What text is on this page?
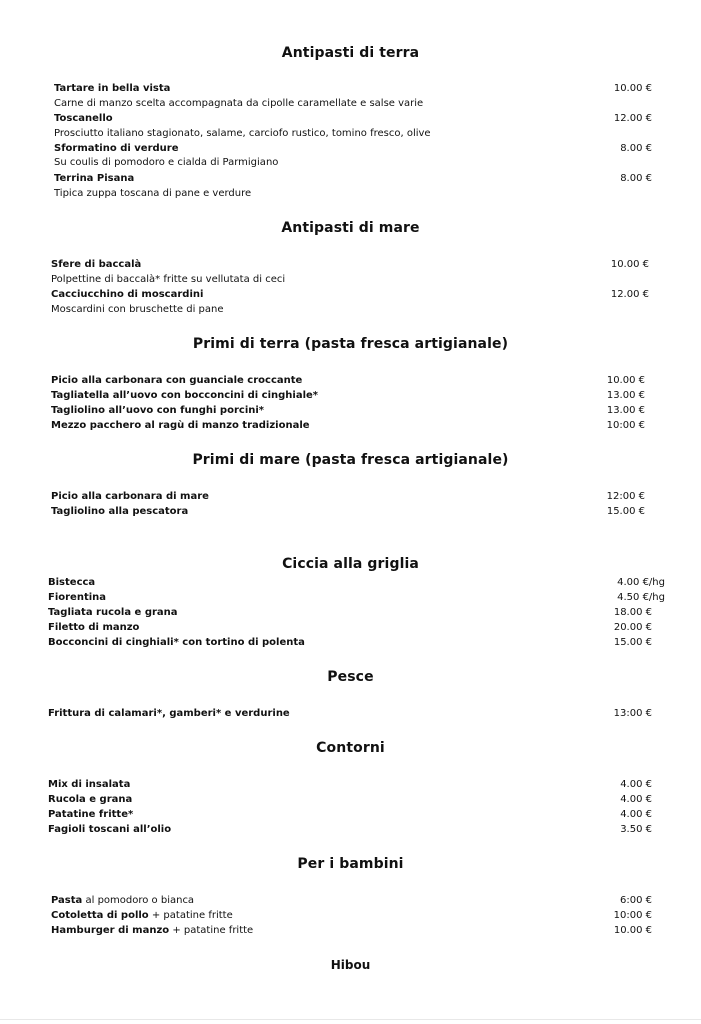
Antipasti di terra
Tartare in bella vista	10.00 €
Carne di manzo scelta accompagnata da cipolle caramellate e salse varie
Toscanello	12.00 €
Prosciutto italiano stagionato, salame, carciofo rustico, tomino fresco, olive
Sformatino di verdure	8.00 €
Su coulis di pomodoro e cialda di Parmigiano
Terrina Pisana	8.00 €
Tipica zuppa toscana di pane e verdure
Antipasti di mare
Sfere di baccalà	10.00 €
Polpettine di baccalà* fritte su vellutata di ceci
Cacciucchino di moscardini	12.00 €
Moscardini con bruschette di pane
Primi di terra (pasta fresca artigianale)
Picio alla carbonara con guanciale croccante	10.00 €
Tagliatella all’uovo con bocconcini di cinghiale*	13.00 €
Tagliolino all’uovo con funghi porcini*	13.00 €
Mezzo pacchero al ragù di manzo tradizionale	10:00 €
Primi di mare (pasta fresca artigianale)
Picio alla carbonara di mare	12:00 €
Tagliolino alla pescatora	15.00 €
Ciccia alla griglia
Bistecca	4.00 €/hg
Fiorentina	4.50 €/hg
Tagliata rucola e grana	18.00 €
Filetto di manzo	20.00 €
Bocconcini di cinghiali* con tortino di polenta	15.00 €
Pesce
Frittura di calamari*, gamberi* e verdurine	13:00 €
Contorni
Mix di insalata	4.00 €
Rucola e grana	4.00 €
Patatine fritte*	4.00 €
Fagioli toscani all’olio	3.50 €
Per i bambini
Pasta al pomodoro o bianca	6:00 €
Cotoletta di pollo + patatine fritte	10:00 €
Hamburger di manzo + patatine fritte	10.00 €
Hibou
